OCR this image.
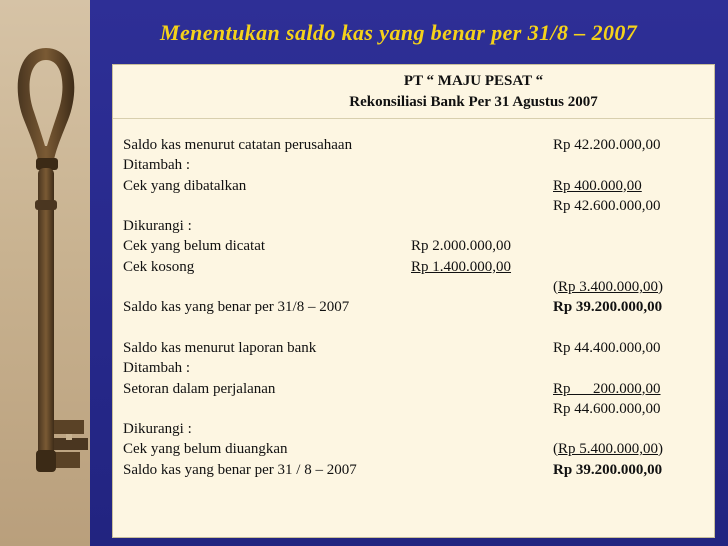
Menentukan saldo kas yang benar per 31/8 – 2007
PT “ MAJU PESAT “
Rekonsiliasi Bank Per 31 Agustus 2007
Saldo kas menurut catatan perusahaan	Rp 42.200.000,00
Ditambah :
Cek yang dibatalkan	Rp 400.000,00
Rp 42.600.000,00
Dikurangi :
Cek yang belum dicatat	Rp 2.000.000,00
Cek kosong	Rp 1.400.000,00
(Rp 3.400.000,00)
Saldo kas yang benar per 31/8 – 2007	Rp 39.200.000,00
Saldo kas menurut laporan bank	Rp 44.400.000,00
Ditambah :
Setoran dalam perjalanan	Rp      200.000,00
Rp 44.600.000,00
Dikurangi :
Cek yang belum diuangkan	(Rp 5.400.000,00)
Saldo kas yang benar per 31 / 8 – 2007	Rp 39.200.000,00
